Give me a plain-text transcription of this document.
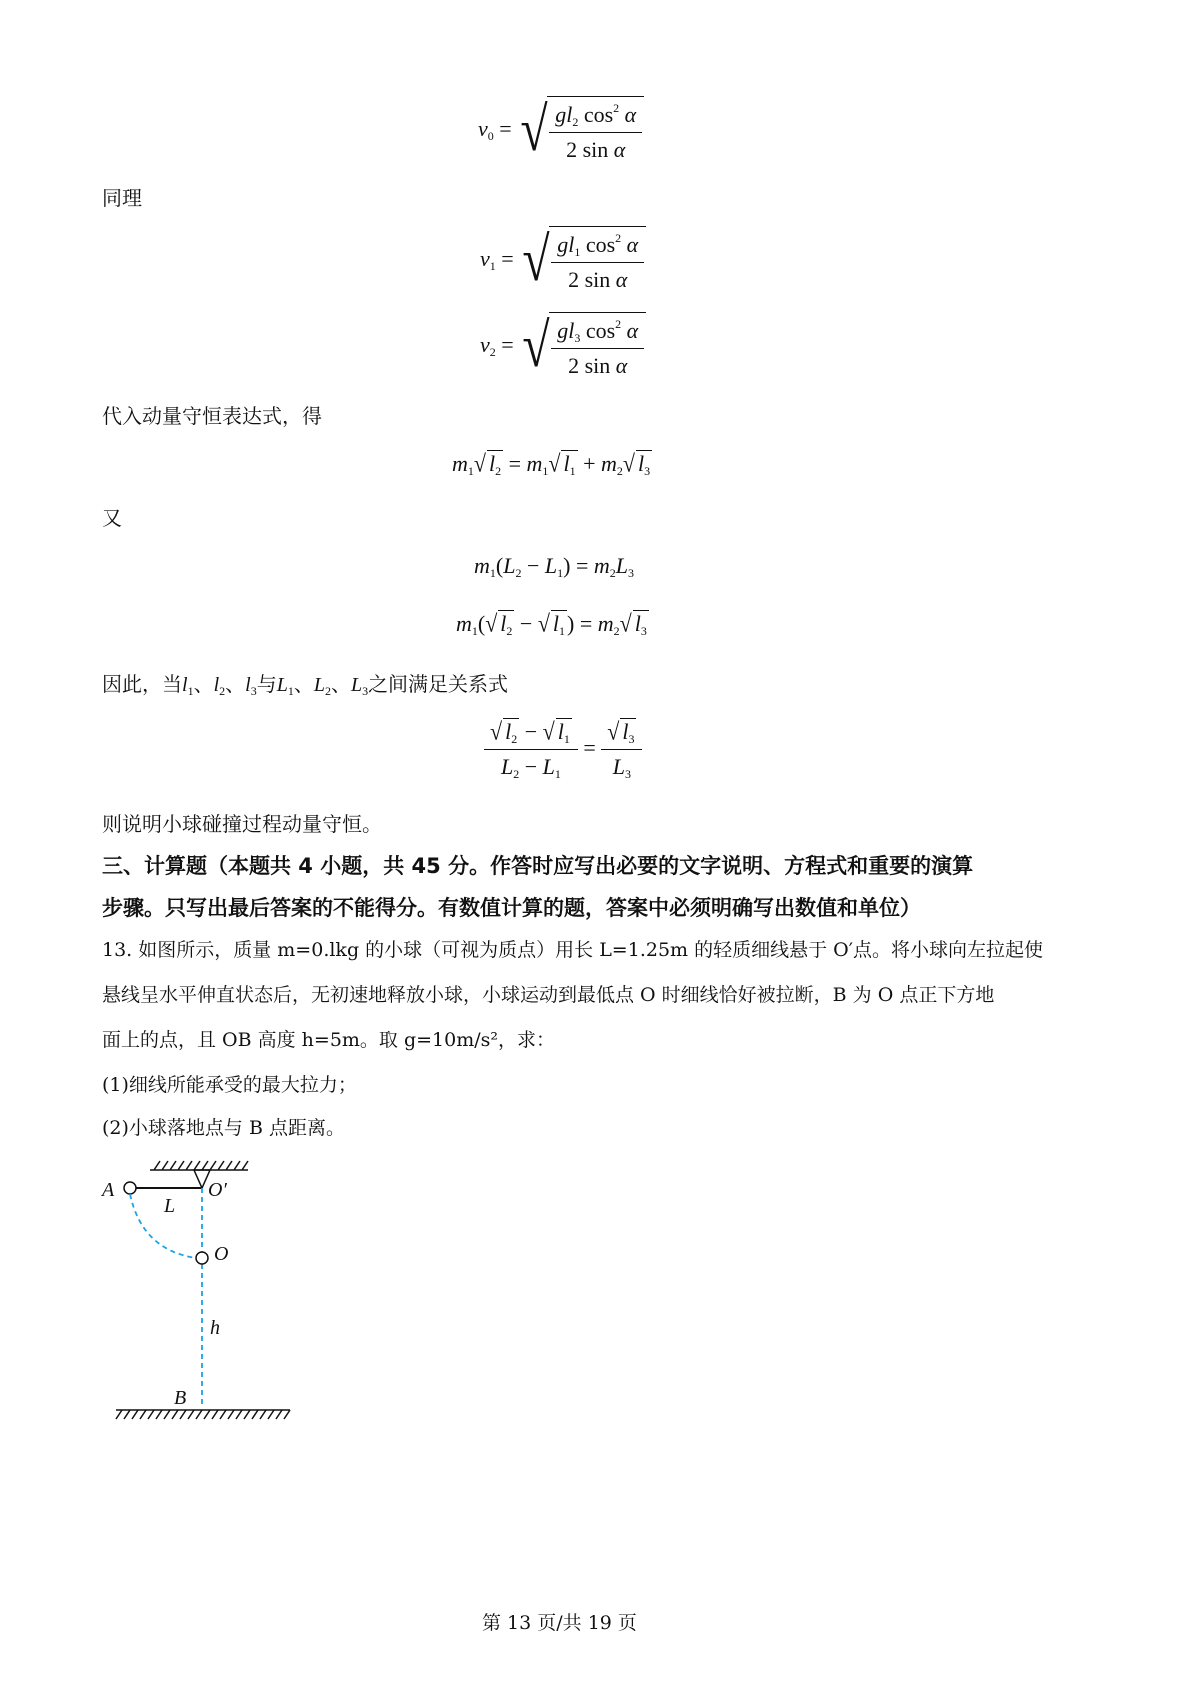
$v_0$ = √ $\frac{gl_2 \cos^2 \alpha}{\text{2 sin α}}$
同理
$v_1$ = √ $\frac{gl_1 \cos^2 \alpha}{\text{2 sin α}}$
$v_2$ = √ $\frac{gl_3 \cos^2 \alpha}{\text{2 sin α}}$
代入动量守恒表达式，得
$m_1√$ $l_2 = m_1√$ $l_1 + m_2√$ $l_3$
又
$m_1(L_2 - L_1) = m_2L_3$
$m_1(√$ $l_2$ − √ $l_1) = m_2√$ $l_3$
因此，当$l_1$、$l_2$、$l_3$与$L_1$、$L_2$、$L_3$之间满足关系式
$\frac{√ l_2 - √ l_1}{L_2 - L_1} = \frac{√ l_3}{L_3}$
则说明小球碰撞过程动量守恒。
三、计算题（本题共 4 小题，共 45 分。作答时应写出必要的文字说明、方程式和重要的演算
步骤。只写出最后答案的不能得分。有数值计算的题，答案中必须明确写出数值和单位）
13. 如图所示，质量 m=0.lkg 的小球（可视为质点）用长 L=1.25m 的轻质细线悬于 O′点。将小球向左拉起使
悬线呈水平伸直状态后，无初速地释放小球，小球运动到最低点 O 时细线恰好被拉断，B 为 O 点正下方地
面上的点，且 OB 高度 h=5m。取 g=10m/s²，求：
(1)细线所能承受的最大拉力；
(2)小球落地点与 B 点距离。
A
L
O′
O
h
B
第 13 页/共 19 页
